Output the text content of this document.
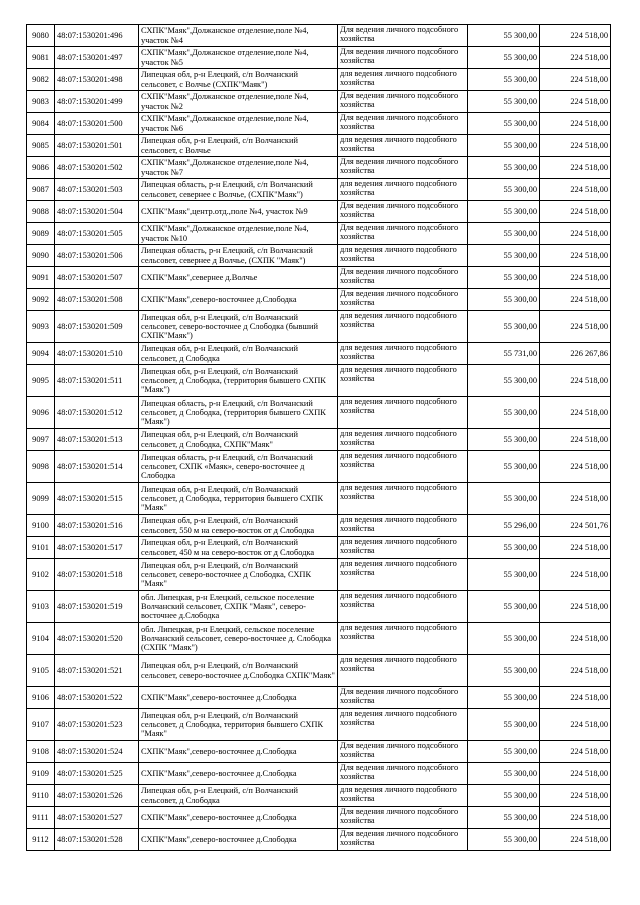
9080	48:07:1530201:496	СХПК"Маяк",Должанское отделение,поле №4, участок №4	Для ведения личного подсобного хозяйства	55 300,00	224 518,00
9081	48:07:1530201:497	СХПК"Маяк",Должанское отделение,поле №4, участок №5	Для ведения личного подсобного хозяйства	55 300,00	224 518,00
9082	48:07:1530201:498	Липецкая обл, р-н Елецкий, с/п Волчанский сельсовет, с Волчье (СХПК"Маяк")	для ведения личного подсобного хозяйства	55 300,00	224 518,00
9083	48:07:1530201:499	СХПК"Маяк",Должанское отделение,поле №4, участок №2	Для ведения личного подсобного хозяйства	55 300,00	224 518,00
9084	48:07:1530201:500	СХПК"Маяк",Должанское отделение,поле №4, участок №6	Для ведения личного подсобного хозяйства	55 300,00	224 518,00
9085	48:07:1530201:501	Липецкая обл, р-н Елецкий, с/п Волчанский сельсовет, с Волчье	для ведения личного подсобного хозяйства	55 300,00	224 518,00
9086	48:07:1530201:502	СХПК"Маяк",Должанское отделение,поле №4, участок №7	Для ведения личного подсобного хозяйства	55 300,00	224 518,00
9087	48:07:1530201:503	Липецкая область, р-н Елецкий, с/п Волчанский сельсовет, севернее с Волчье, (СХПК"Маяк")	для ведения личного подсобного хозяйства	55 300,00	224 518,00
9088	48:07:1530201:504	СХПК"Маяк",центр.отд.,поле №4, участок №9	Для ведения личного подсобного хозяйства	55 300,00	224 518,00
9089	48:07:1530201:505	СХПК"Маяк",Должанское отделение,поле №4, участок №10	Для ведения личного подсобного хозяйства	55 300,00	224 518,00
9090	48:07:1530201:506	Липецкая область, р-н Елецкий, с/п Волчанский сельсовет, севернее д Волчье, (СХПК "Маяк")	для ведения личного подсобного хозяйства	55 300,00	224 518,00
9091	48:07:1530201:507	СХПК"Маяк",севернее д.Волчье	Для ведения личного подсобного хозяйства	55 300,00	224 518,00
9092	48:07:1530201:508	СХПК"Маяк",северо-восточнее д.Слободка	Для ведения личного подсобного хозяйства	55 300,00	224 518,00
9093	48:07:1530201:509	Липецкая обл, р-н Елецкий, с/п Волчанский сельсовет, северо-восточнее д Слободка (бывший СХПК"Маяк")	для ведения личного подсобного хозяйства	55 300,00	224 518,00
9094	48:07:1530201:510	Липецкая обл, р-н Елецкий, с/п Волчанский сельсовет, д Слободка	для ведения личного подсобного хозяйства	55 731,00	226 267,86
9095	48:07:1530201:511	Липецкая обл, р-н Елецкий, с/п Волчанский сельсовет, д Слободка, (территория бывшего СХПК "Маяк")	для ведения личного подсобного хозяйства	55 300,00	224 518,00
9096	48:07:1530201:512	Липецкая область, р-н Елецкий, с/п Волчанский сельсовет, д Слободка, (территория бывшего СХПК "Маяк")	для ведения личного подсобного хозяйства	55 300,00	224 518,00
9097	48:07:1530201:513	Липецкая обл, р-н Елецкий, с/п Волчанский сельсовет, д Слободка, СХПК"Маяк"	для ведения личного подсобного хозяйства	55 300,00	224 518,00
9098	48:07:1530201:514	Липецкая область, р-н Елецкий, с/п Волчанский сельсовет, СХПК «Маяк», северо-восточнее д Слободка	для ведения личного подсобного хозяйства	55 300,00	224 518,00
9099	48:07:1530201:515	Липецкая обл, р-н Елецкий, с/п Волчанский сельсовет, д Слободка, территория бывшего СХПК "Маяк"	для ведения личного подсобного хозяйства	55 300,00	224 518,00
9100	48:07:1530201:516	Липецкая обл, р-н Елецкий, с/п Волчанский сельсовет, 550 м на северо-восток от д Слободка	для ведения личного подсобного хозяйства	55 296,00	224 501,76
9101	48:07:1530201:517	Липецкая обл, р-н Елецкий, с/п Волчанский сельсовет, 450 м на северо-восток от д Слободка	для ведения личного подсобного хозяйства	55 300,00	224 518,00
9102	48:07:1530201:518	Липецкая обл, р-н Елецкий, с/п Волчанский сельсовет, северо-восточнее д Слободка, СХПК "Маяк"	для ведения личного подсобного хозяйства	55 300,00	224 518,00
9103	48:07:1530201:519	обл. Липецкая, р-н Елецкий, сельское поселение Волчанский сельсовет, СХПК "Маяк", северо-восточнее д.Слободка	для ведения личного подсобного хозяйства	55 300,00	224 518,00
9104	48:07:1530201:520	обл. Липецкая, р-н Елецкий, сельское поселение Волчанский сельсовет, северо-восточнее д. Слободка (СХПК "Маяк")	для ведения личного подсобного хозяйства	55 300,00	224 518,00
9105	48:07:1530201:521	Липецкая обл, р-н Елецкий, с/п Волчанский сельсовет, северо-восточнее д.Слободка СХПК"Маяк"	для ведения личного подсобного хозяйства	55 300,00	224 518,00
9106	48:07:1530201:522	СХПК"Маяк",северо-восточнее д.Слободка	Для ведения личного подсобного хозяйства	55 300,00	224 518,00
9107	48:07:1530201:523	Липецкая обл, р-н Елецкий, с/п Волчанский сельсовет, д Слободка, территория бывшего СХПК "Маяк"	для ведения личного подсобного хозяйства	55 300,00	224 518,00
9108	48:07:1530201:524	СХПК"Маяк",северо-восточнее д.Слободка	Для ведения личного подсобного хозяйства	55 300,00	224 518,00
9109	48:07:1530201:525	СХПК"Маяк",северо-восточнее д.Слободка	Для ведения личного подсобного хозяйства	55 300,00	224 518,00
9110	48:07:1530201:526	Липецкая обл, р-н Елецкий, с/п Волчанский сельсовет, д Слободка	для ведения личного подсобного хозяйства	55 300,00	224 518,00
9111	48:07:1530201:527	СХПК"Маяк",северо-восточнее д.Слободка	Для ведения личного подсобного хозяйства	55 300,00	224 518,00
9112	48:07:1530201:528	СХПК"Маяк",северо-восточнее д.Слободка	Для ведения личного подсобного хозяйства	55 300,00	224 518,00
